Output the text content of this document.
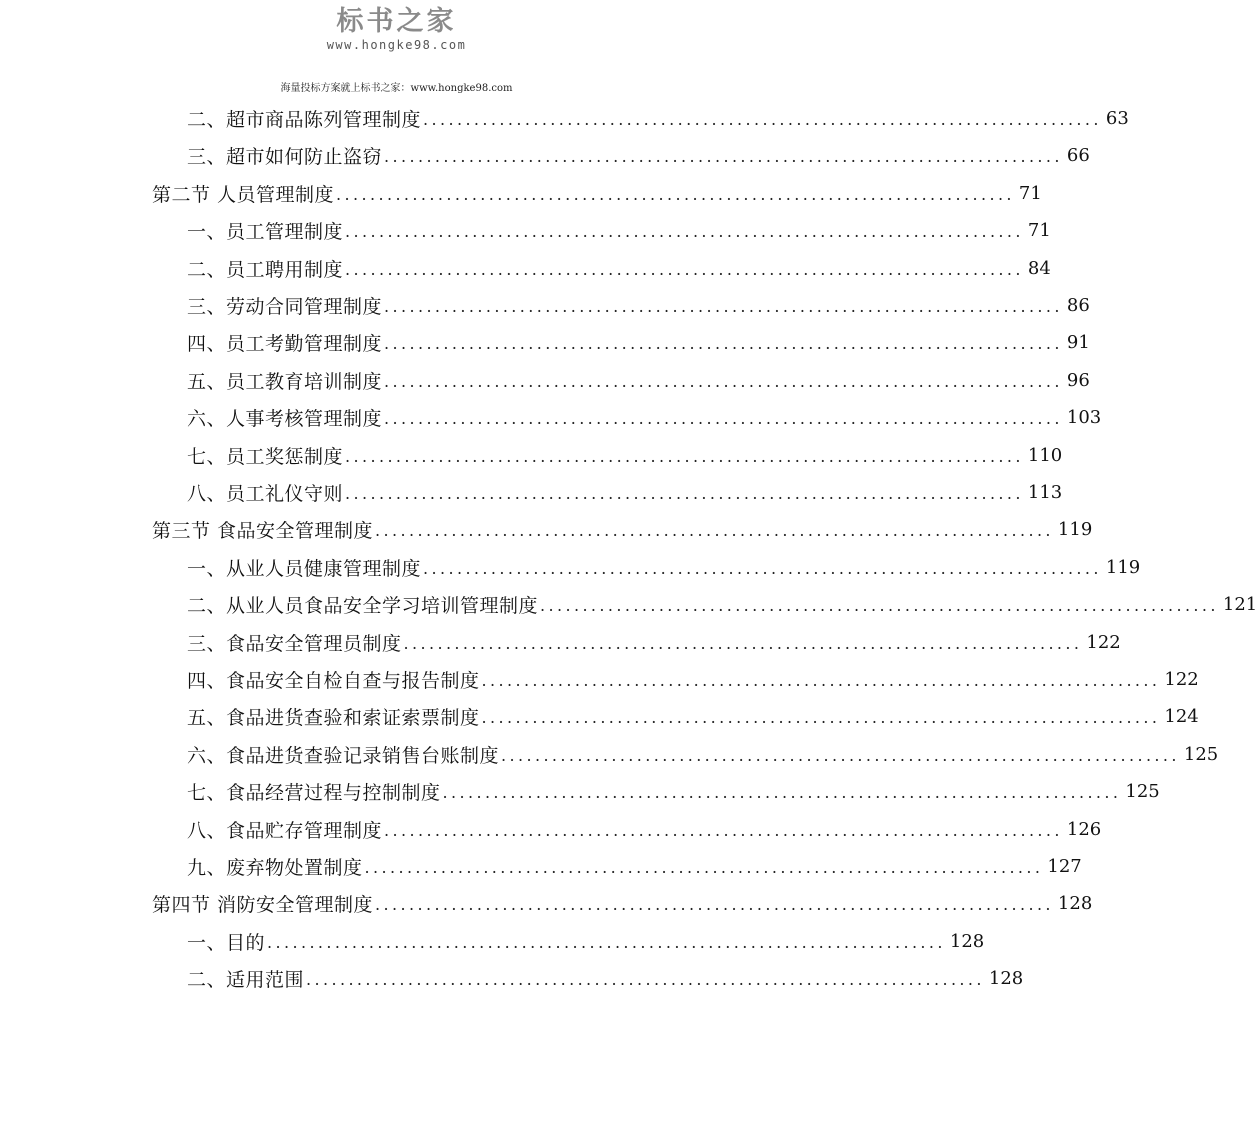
标书之家
www.hongke98.com
海量投标方案就上标书之家：www.hongke98.com
二、超市商品陈列管理制度 ................................................................................ 63
三、超市如何防止盗窃 ................................................................................ 66
第二节 人员管理制度 ................................................................................ 71
一、员工管理制度 ................................................................................ 71
二、员工聘用制度 ................................................................................ 84
三、劳动合同管理制度 ................................................................................ 86
四、员工考勤管理制度 ................................................................................ 91
五、员工教育培训制度 ................................................................................ 96
六、人事考核管理制度 ................................................................................ 103
七、员工奖惩制度 ................................................................................ 110
八、员工礼仪守则 ................................................................................ 113
第三节 食品安全管理制度 ................................................................................ 119
一、从业人员健康管理制度 ................................................................................ 119
二、从业人员食品安全学习培训管理制度 ................................................................................ 121
三、食品安全管理员制度 ................................................................................ 122
四、食品安全自检自查与报告制度 ................................................................................ 122
五、食品进货查验和索证索票制度 ................................................................................ 124
六、食品进货查验记录销售台账制度 ................................................................................ 125
七、食品经营过程与控制制度 ................................................................................ 125
八、食品贮存管理制度 ................................................................................ 126
九、废弃物处置制度 ................................................................................ 127
第四节 消防安全管理制度 ................................................................................ 128
一、目的 ................................................................................ 128
二、适用范围 ................................................................................ 128
